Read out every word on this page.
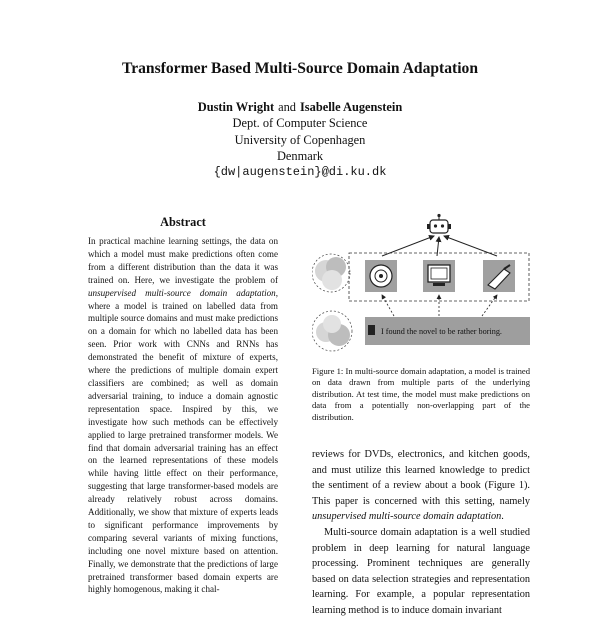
Transformer Based Multi-Source Domain Adaptation
Dustin Wright and Isabelle Augenstein
Dept. of Computer Science
University of Copenhagen
Denmark
{dw|augenstein}@di.ku.dk
Abstract
In practical machine learning settings, the data on which a model must make predictions often come from a different distribution than the data it was trained on. Here, we investigate the problem of unsupervised multi-source domain adaptation, where a model is trained on labelled data from multiple source domains and must make predictions on a domain for which no labelled data has been seen. Prior work with CNNs and RNNs has demonstrated the benefit of mixture of experts, where the predictions of multiple domain expert classifiers are combined; as well as domain adversarial training, to induce a domain agnostic representation space. Inspired by this, we investigate how such methods can be effectively applied to large pretrained transformer models. We find that domain adversarial training has an effect on the learned representations of these models while having little effect on their performance, suggesting that large transformer-based models are already relatively robust across domains. Additionally, we show that mixture of experts leads to significant performance improvements by comparing several variants of mixing functions, including one novel mixture based on attention. Finally, we demonstrate that the predictions of large pretrained transformer based domain experts are highly homogenous, making it chal-
I found the novel to be rather boring.
Figure 1: In multi-source domain adaptation, a model is trained on data drawn from multiple parts of the underlying distribution. At test time, the model must make predictions on data from a potentially non-overlapping part of the distribution.

reviews for DVDs, electronics, and kitchen goods, and must utilize this learned knowledge to predict the sentiment of a review about a book (Figure 1). This paper is concerned with this setting, namely unsupervised multi-source domain adaptation.

Multi-source domain adaptation is a well studied problem in deep learning for natural language processing. Prominent techniques are generally based on data selection strategies and representation learning. For example, a popular representation learning method is to induce domain invariant
